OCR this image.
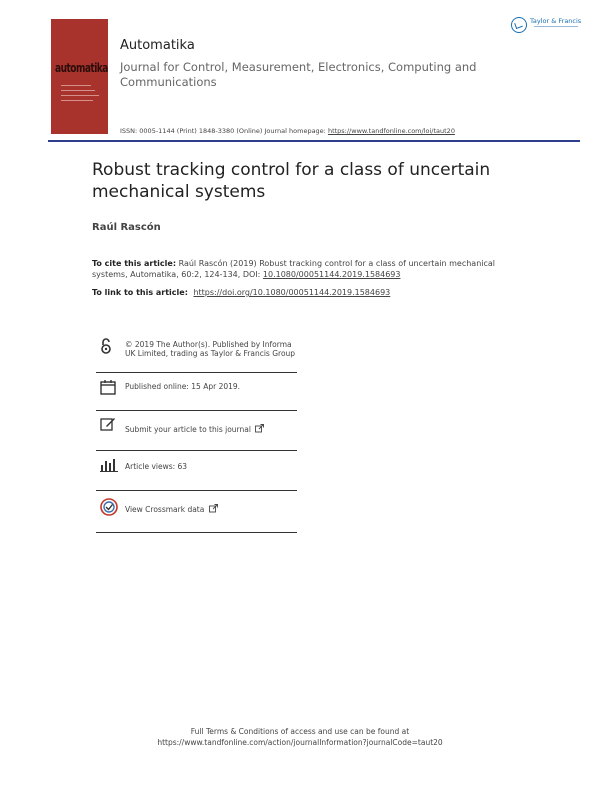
automatika
Taylor & Francis
Automatika
Journal for Control, Measurement, Electronics, Computing and Communications
ISSN: 0005-1144 (Print) 1848-3380 (Online) Journal homepage: https://www.tandfonline.com/loi/taut20
Robust tracking control for a class of uncertain mechanical systems
Raúl Rascón
To cite this article: Raúl Rascón (2019) Robust tracking control for a class of uncertain mechanical systems, Automatika, 60:2, 124-134, DOI: 10.1080/00051144.2019.1584693
To link to this article: https://doi.org/10.1080/00051144.2019.1584693
© 2019 The Author(s). Published by Informa UK Limited, trading as Taylor & Francis Group
Published online: 15 Apr 2019.
Submit your article to this journal
Article views: 63
View Crossmark data
Full Terms & Conditions of access and use can be found at
https://www.tandfonline.com/action/journalInformation?journalCode=taut20
